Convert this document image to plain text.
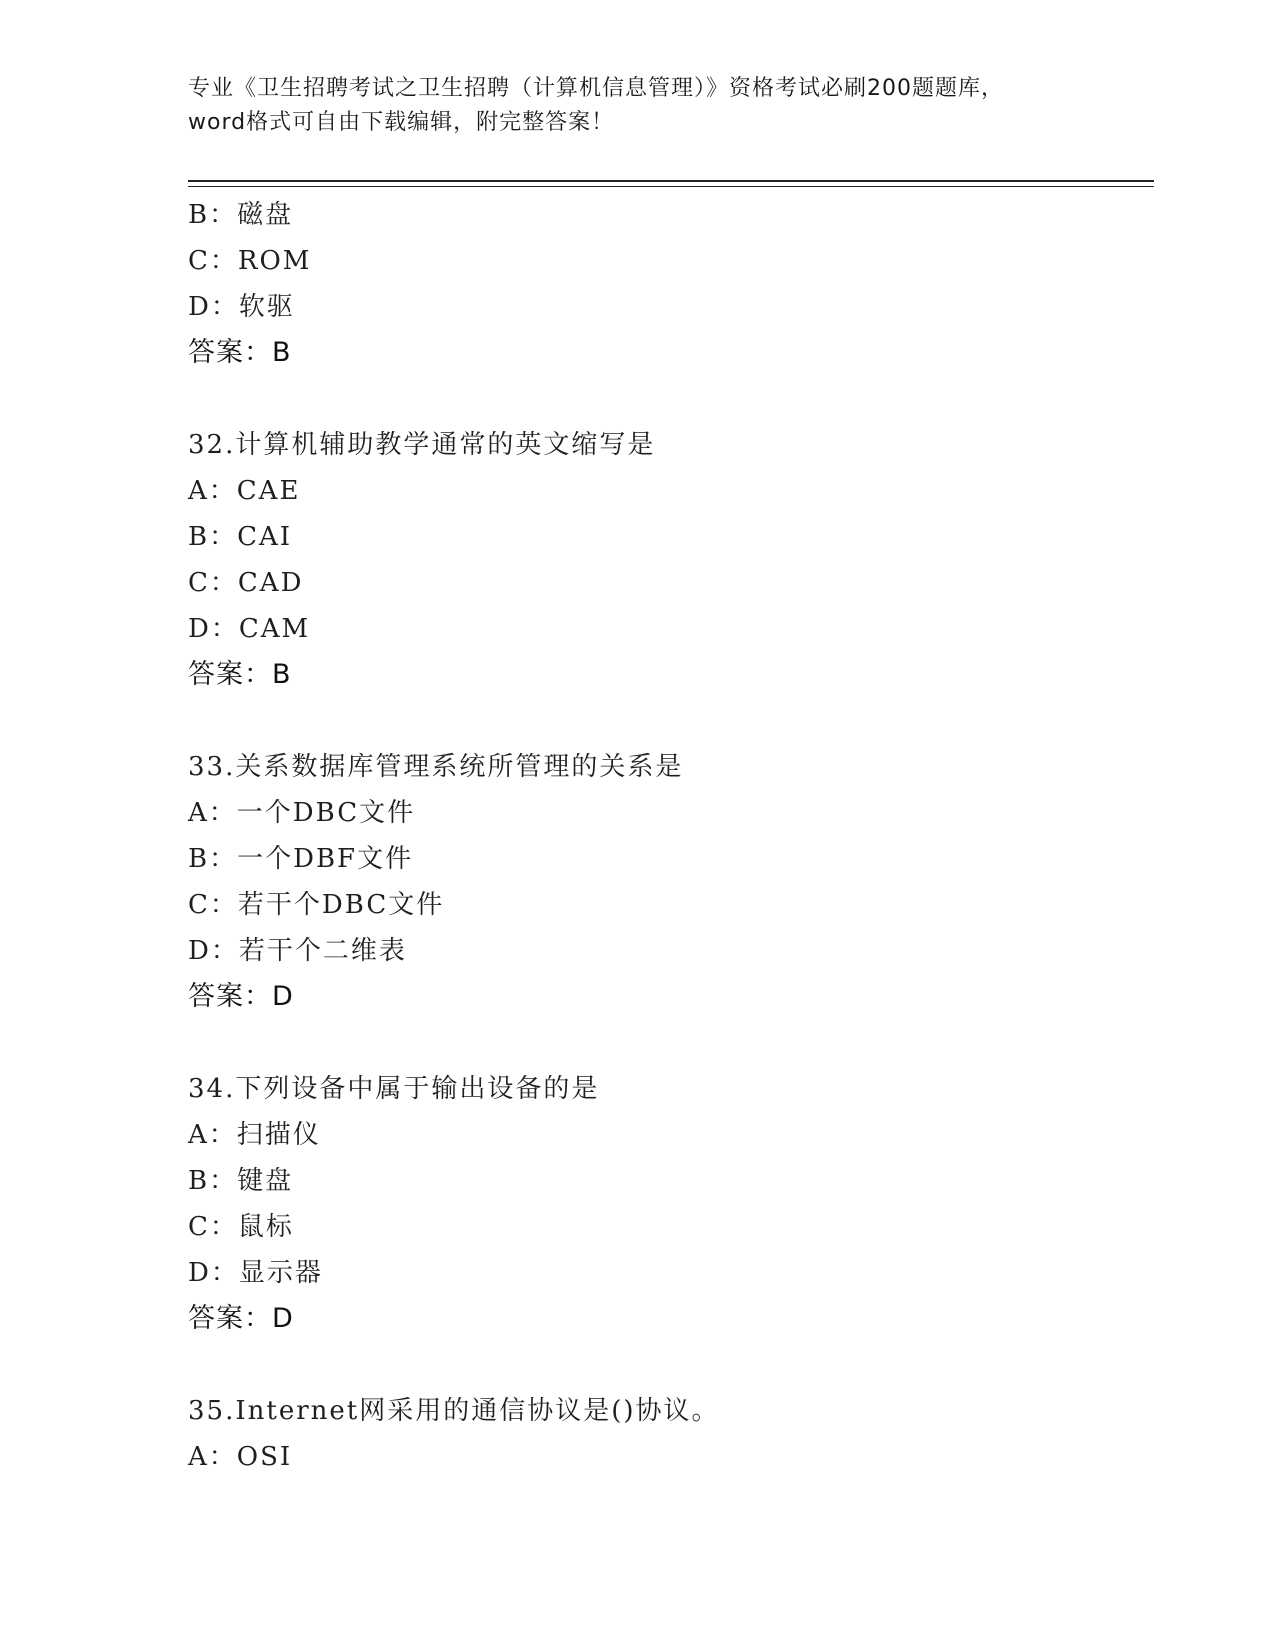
专业《卫生招聘考试之卫生招聘（计算机信息管理）》资格考试必刷200题题库，
word格式可自由下载编辑，附完整答案！
B：磁盘
C：ROM
D：软驱
答案：B
32.计算机辅助教学通常的英文缩写是
A：CAE
B：CAI
C：CAD
D：CAM
答案：B
33.关系数据库管理系统所管理的关系是
A：一个DBC文件
B：一个DBF文件
C：若干个DBC文件
D：若干个二维表
答案：D
34.下列设备中属于输出设备的是
A：扫描仪
B：键盘
C：鼠标
D：显示器
答案：D
35.Internet网采用的通信协议是()协议。
A：OSI
